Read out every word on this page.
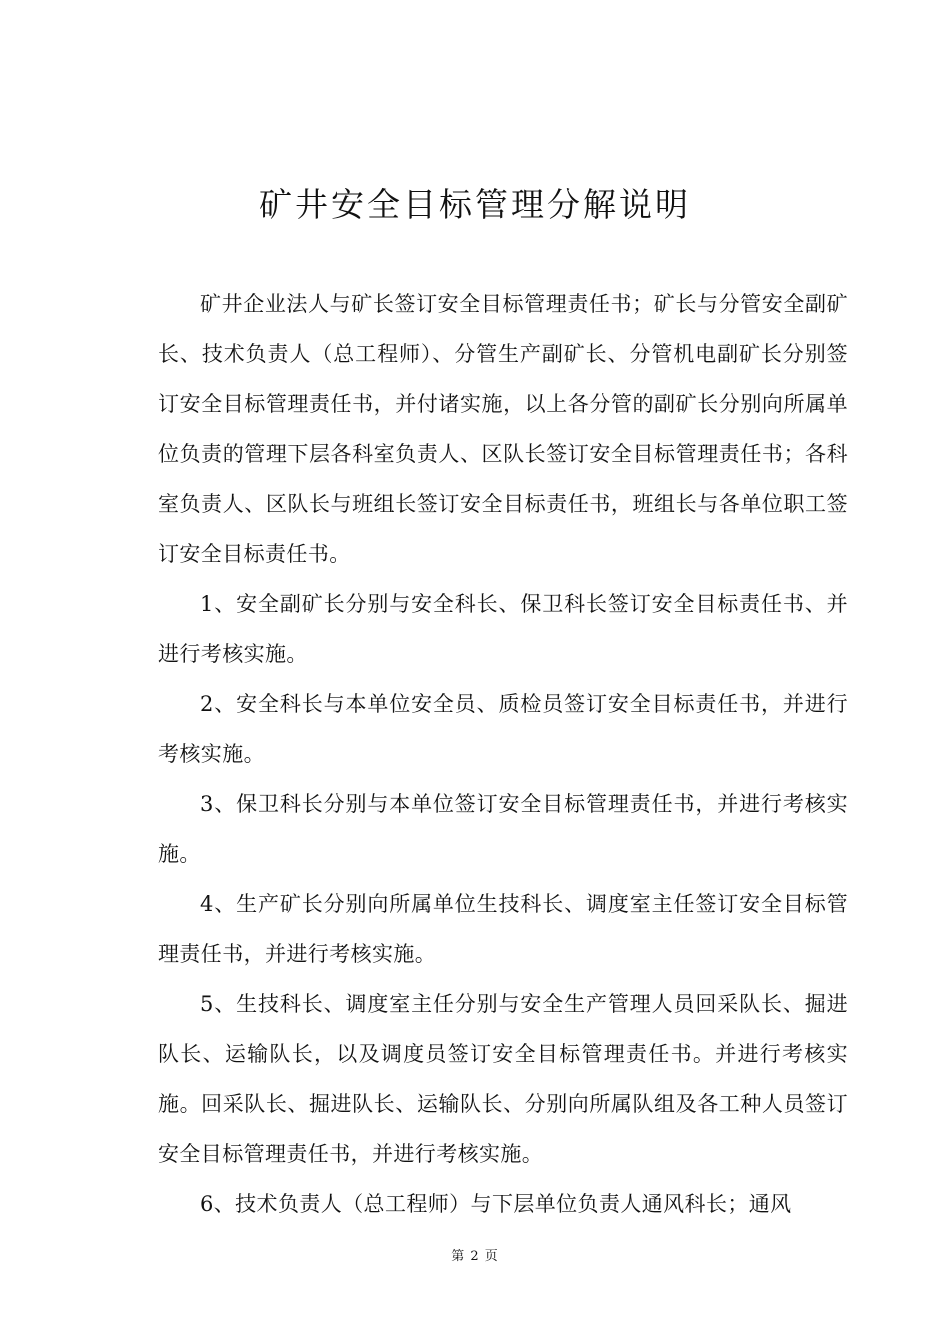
矿井安全目标管理分解说明

矿井企业法人与矿长签订安全目标管理责任书；矿长与分管安全副矿长、技术负责人（总工程师）、分管生产副矿长、分管机电副矿长分别签订安全目标管理责任书，并付诸实施，以上各分管的副矿长分别向所属单位负责的管理下层各科室负责人、区队长签订安全目标管理责任书；各科室负责人、区队长与班组长签订安全目标责任书，班组长与各单位职工签订安全目标责任书。

1、安全副矿长分别与安全科长、保卫科长签订安全目标责任书、并进行考核实施。

2、安全科长与本单位安全员、质检员签订安全目标责任书，并进行考核实施。

3、保卫科长分别与本单位签订安全目标管理责任书，并进行考核实施。

4、生产矿长分别向所属单位生技科长、调度室主任签订安全目标管理责任书，并进行考核实施。

5、生技科长、调度室主任分别与安全生产管理人员回采队长、掘进队长、运输队长，以及调度员签订安全目标管理责任书。并进行考核实施。回采队长、掘进队长、运输队长、分别向所属队组及各工种人员签订安全目标管理责任书，并进行考核实施。

6、技术负责人（总工程师）与下层单位负责人通风科长；通风

第 2 页
